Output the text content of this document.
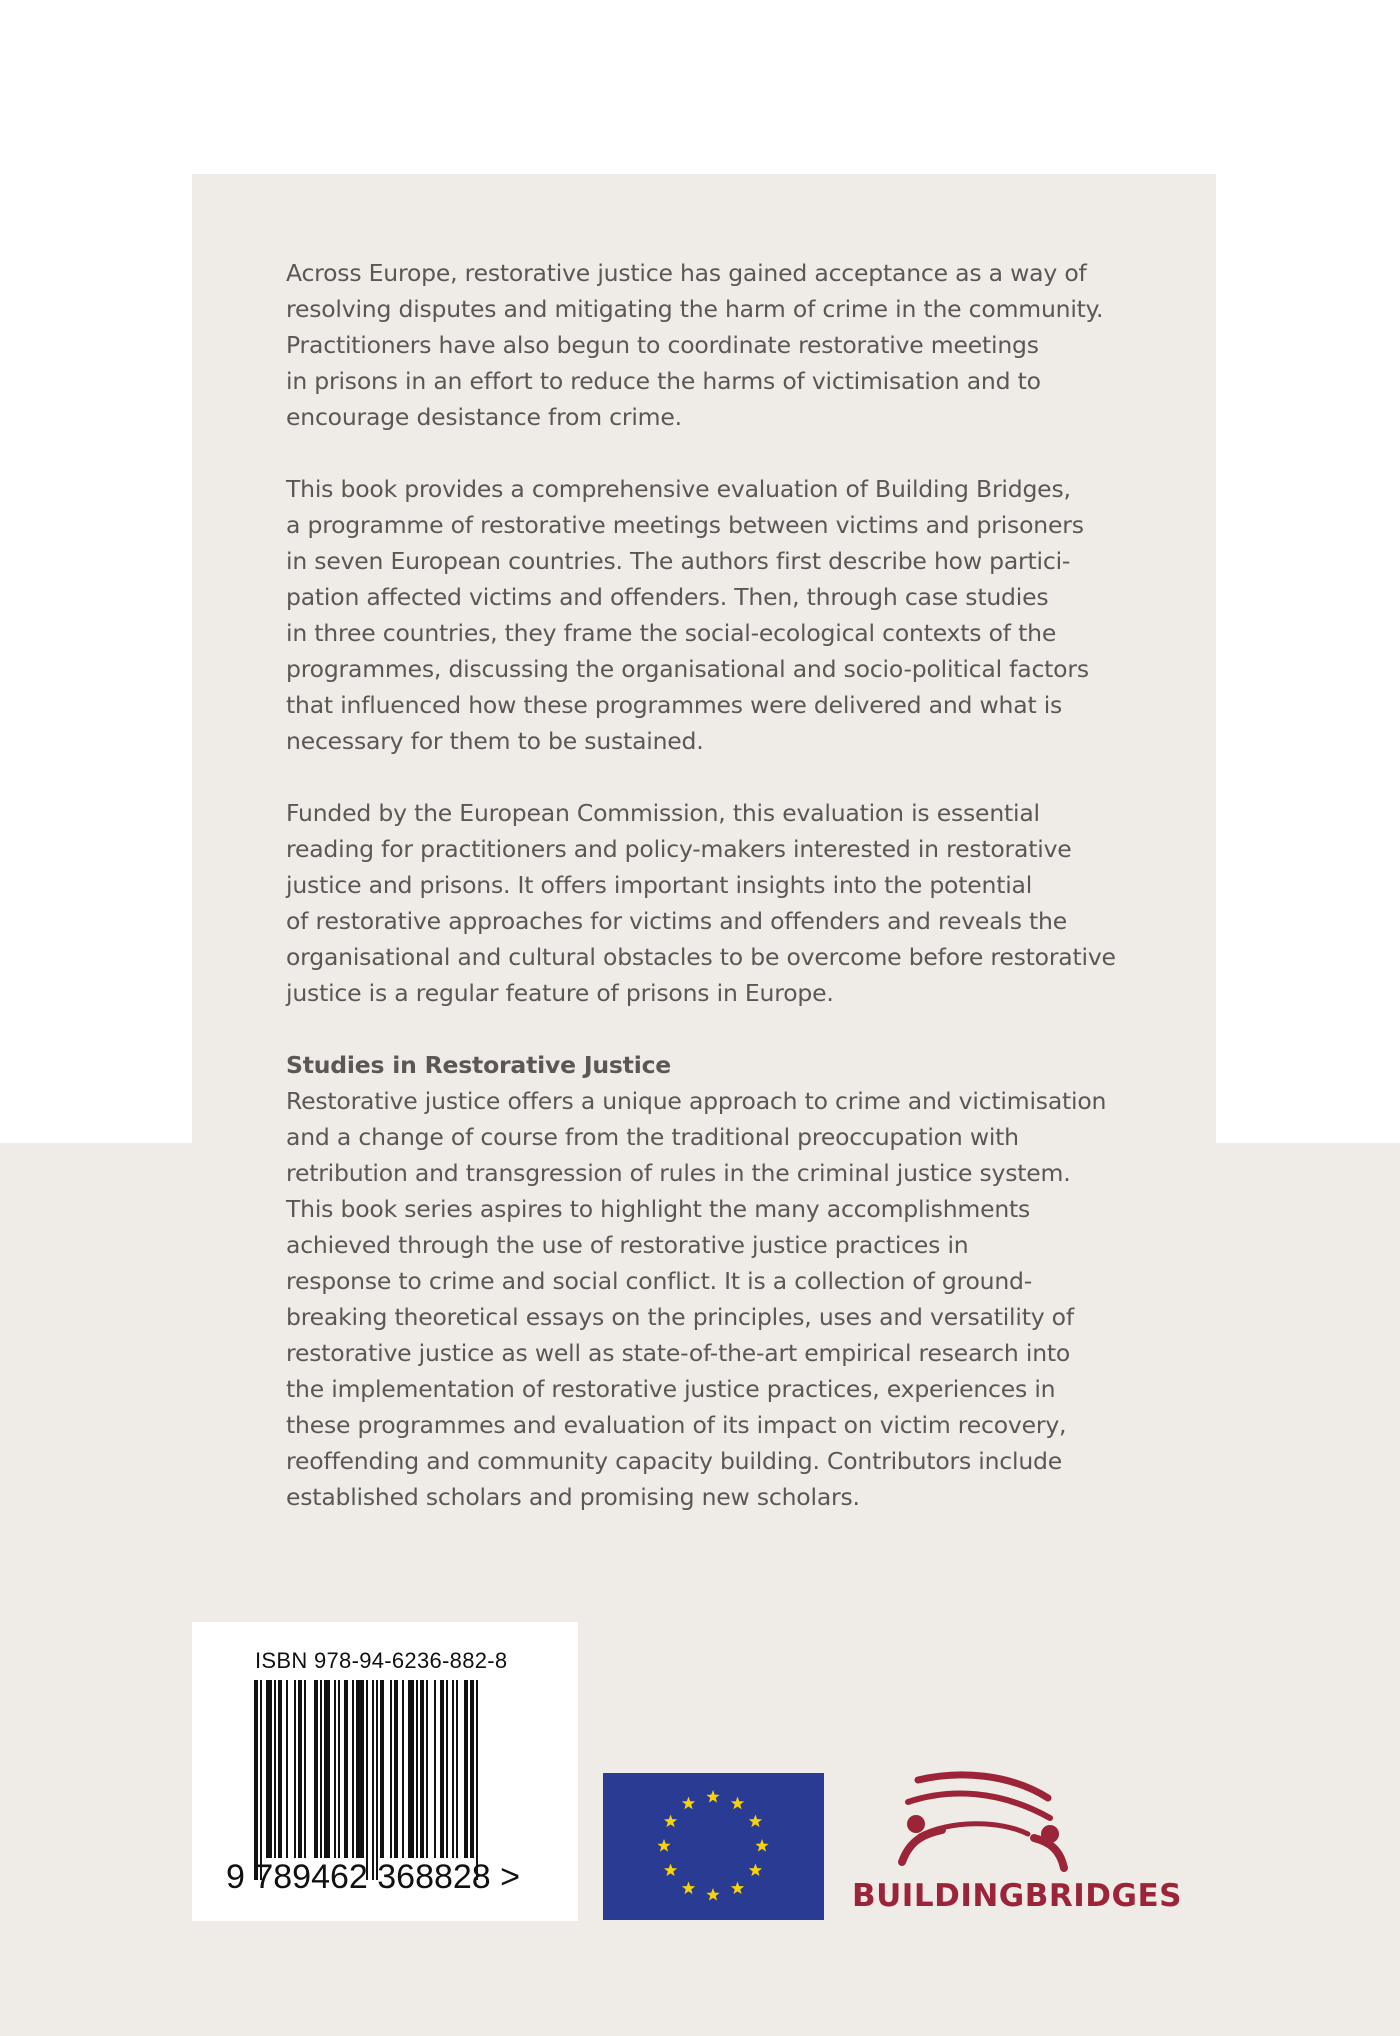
Across Europe, restorative justice has gained acceptance as a way of
resolving disputes and mitigating the harm of crime in the community.
Practitioners have also begun to coordinate restorative meetings
in prisons in an effort to reduce the harms of victimisation and to
encourage desistance from crime.

This book provides a comprehensive evaluation of Building Bridges,
a programme of restorative meetings between victims and prisoners
in seven European countries. The authors first describe how partici-
pation affected victims and offenders. Then, through case studies
in three countries, they frame the social-ecological contexts of the
programmes, discussing the organisational and socio-political factors
that influenced how these programmes were delivered and what is
necessary for them to be sustained.

Funded by the European Commission, this evaluation is essential
reading for practitioners and policy-makers interested in restorative
justice and prisons. It offers important insights into the potential
of restorative approaches for victims and offenders and reveals the
organisational and cultural obstacles to be overcome before restorative
justice is a regular feature of prisons in Europe.

Studies in Restorative Justice

Restorative justice offers a unique approach to crime and victimisation
and a change of course from the traditional preoccupation with
retribution and transgression of rules in the criminal justice system.
This book series aspires to highlight the many accomplishments
achieved through the use of restorative justice practices in
response to crime and social conflict. It is a collection of ground-
breaking theoretical essays on the principles, uses and versatility of
restorative justice as well as state-of-the-art empirical research into
the implementation of restorative justice practices, experiences in
these programmes and evaluation of its impact on victim recovery,
reoffending and community capacity building. Contributors include
established scholars and promising new scholars.

ISBN 978-94-6236-882-8
9 789462 368828 >	BUILDINGBRIDGES
